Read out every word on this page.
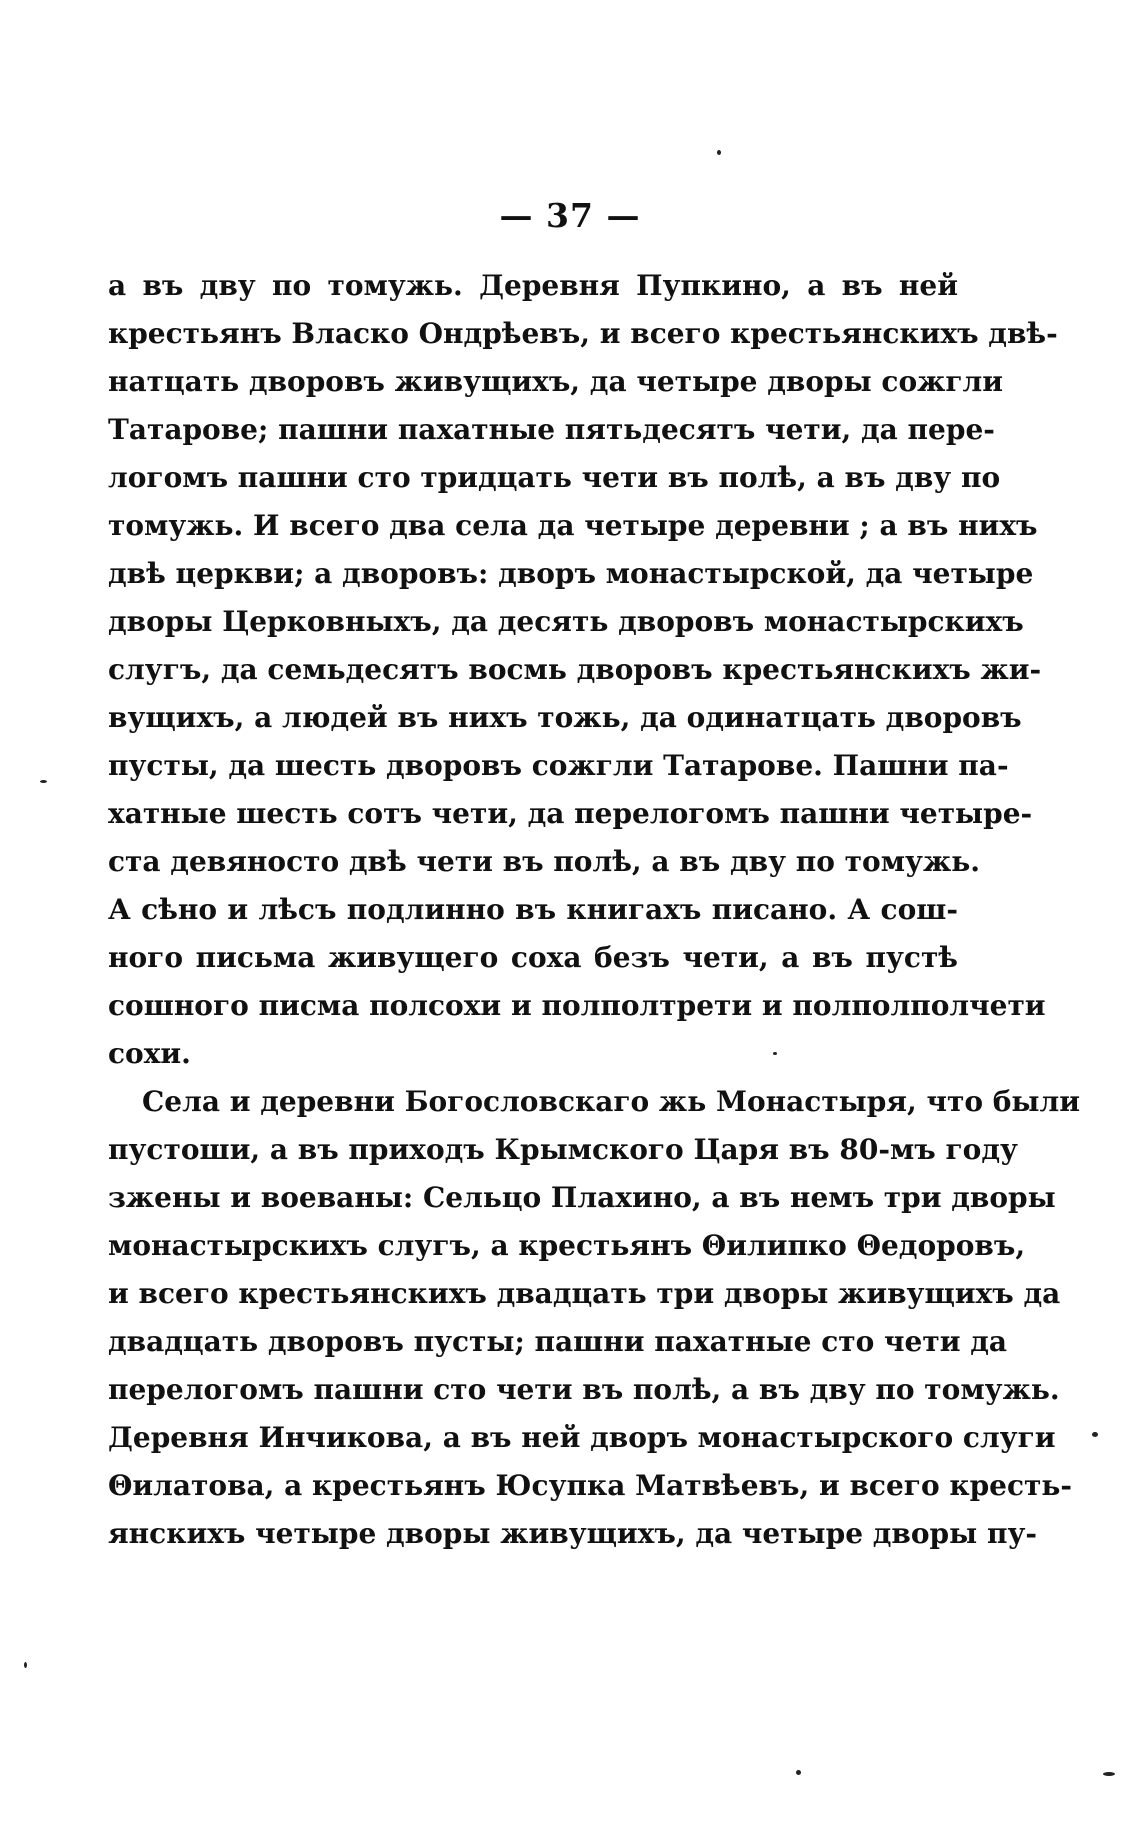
— 37 —
а въ дву по томужь. Деревня Пупкино, а въ ней
крестьянъ Власко Ондрѣевъ, и всего крестьянскихъ двѣ-
натцать дворовъ живущихъ, да четыре дворы сожгли
Татарове; пашни пахатные пятьдесятъ чети, да пере-
логомъ пашни сто тридцать чети въ полѣ, а въ дву по
томужь. И всего два села да четыре деревни ; а въ нихъ
двѣ церкви; а дворовъ: дворъ монастырской, да четыре
дворы Церковныхъ, да десять дворовъ монастырскихъ
слугъ, да семьдесятъ восмь дворовъ крестьянскихъ жи-
вущихъ, а людей въ нихъ тожь, да одинатцать дворовъ
пусты, да шесть дворовъ сожгли Татарове. Пашни па-
хатные шесть сотъ чети, да перелогомъ пашни четыре-
ста девяносто двѣ чети въ полѣ, а въ дву по томужь.
А сѣно и лѣсъ подлинно въ книгахъ писано. А сош-
ного письма живущего соха безъ чети, а въ пустѣ
сошного писма полсохи и полполтрети и полполполчети
сохи.
Села и деревни Богословскаго жь Монастыря, что были
пустоши, а въ приходъ Крымского Царя въ 80-мъ году
зжены и воеваны: Сельцо Плахино, а въ немъ три дворы
монастырскихъ слугъ, а крестьянъ Θилипко Θедоровъ,
и всего крестьянскихъ двадцать три дворы живущихъ да
двадцать дворовъ пусты; пашни пахатные сто чети да
перелогомъ пашни сто чети въ полѣ, а въ дву по томужь.
Деревня Инчикова, а въ ней дворъ монастырского слуги
Θилатова, а крестьянъ Юсупка Матвѣевъ, и всего кресть-
янскихъ четыре дворы живущихъ, да четыре дворы пу-
